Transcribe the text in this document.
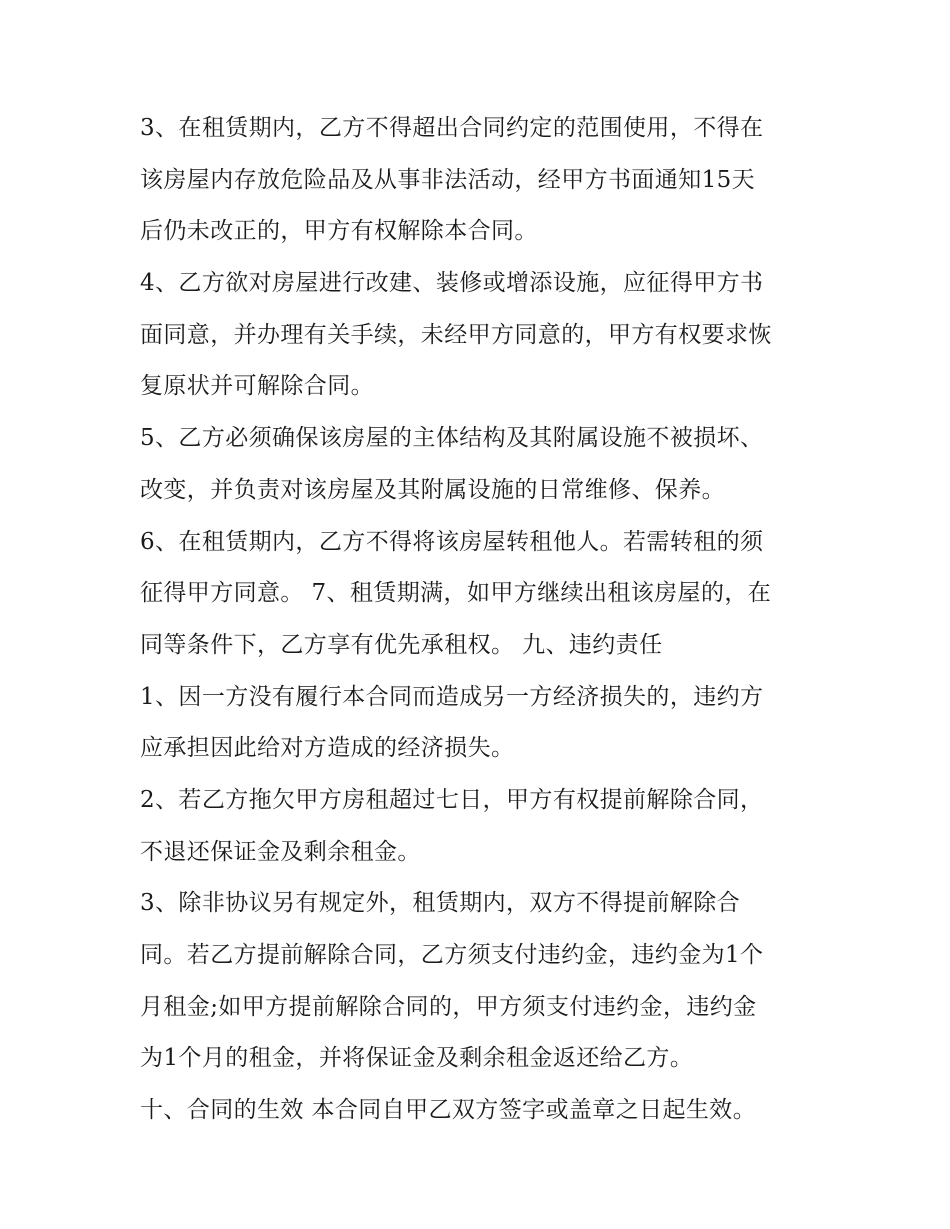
3、在租赁期内，乙方不得超出合同约定的范围使用，不得在
该房屋内存放危险品及从事非法活动，经甲方书面通知15天
后仍未改正的，甲方有权解除本合同。
4、乙方欲对房屋进行改建、装修或增添设施，应征得甲方书
面同意，并办理有关手续，未经甲方同意的，甲方有权要求恢
复原状并可解除合同。
5、乙方必须确保该房屋的主体结构及其附属设施不被损坏、
改变，并负责对该房屋及其附属设施的日常维修、保养。
6、在租赁期内，乙方不得将该房屋转租他人。若需转租的须
征得甲方同意。 7、租赁期满，如甲方继续出租该房屋的，在
同等条件下，乙方享有优先承租权。 九、违约责任
1、因一方没有履行本合同而造成另一方经济损失的，违约方
应承担因此给对方造成的经济损失。
2、若乙方拖欠甲方房租超过七日，甲方有权提前解除合同，
不退还保证金及剩余租金。
3、除非协议另有规定外，租赁期内，双方不得提前解除合
同。若乙方提前解除合同，乙方须支付违约金，违约金为1个
月租金;如甲方提前解除合同的，甲方须支付违约金，违约金
为1个月的租金，并将保证金及剩余租金返还给乙方。
十、合同的生效 本合同自甲乙双方签字或盖章之日起生效。
